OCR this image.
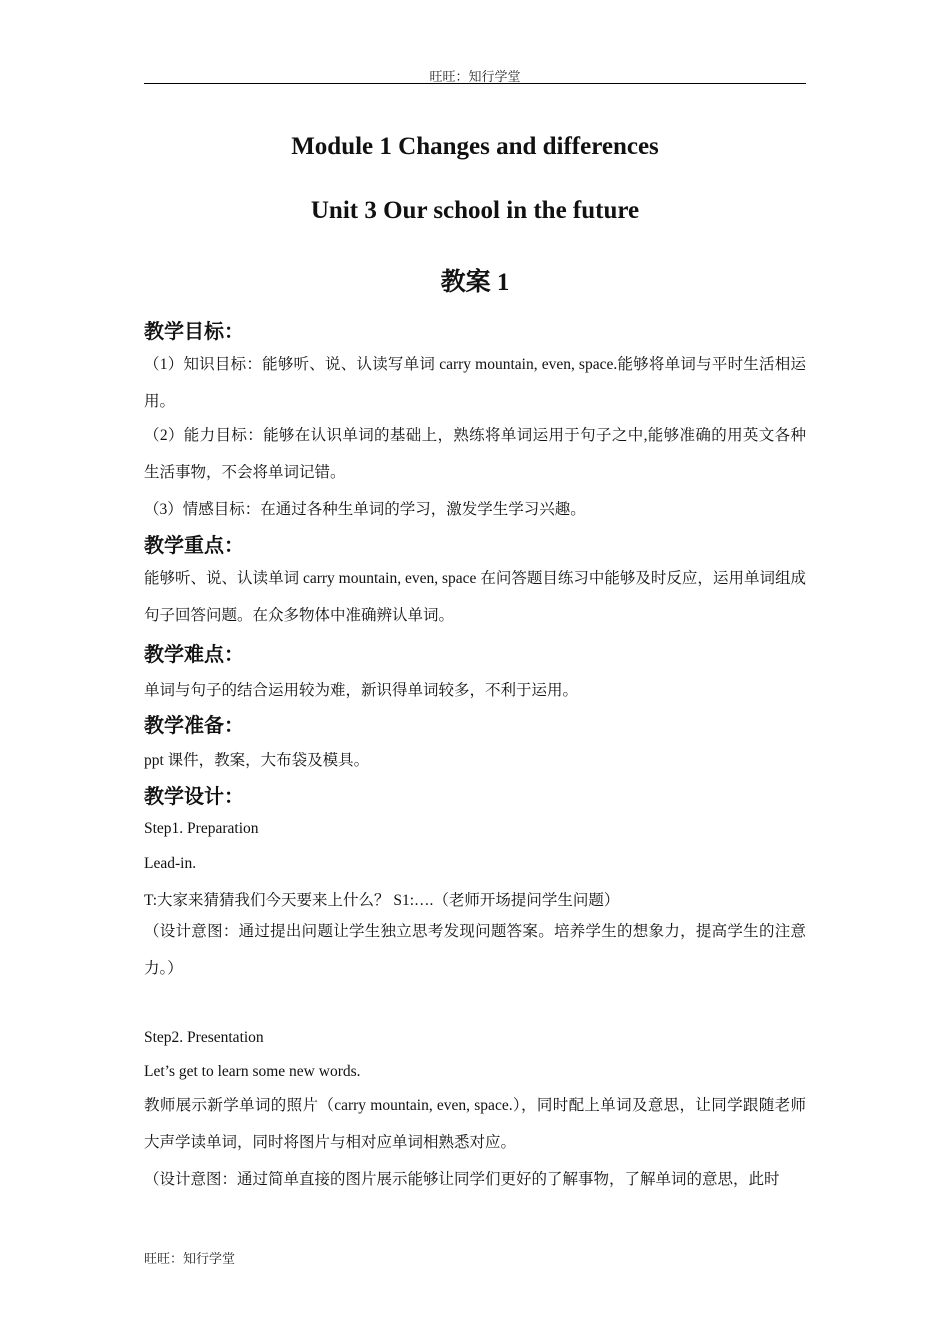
旺旺：知行学堂
Module 1 Changes and differences
Unit 3 Our school in the future
教案 1
教学目标：
（1）知识目标：能够听、说、认读写单词 carry mountain, even, space.能够将单词与平时生活相运用。
（2）能力目标：能够在认识单词的基础上，熟练将单词运用于句子之中,能够准确的用英文各种生活事物，不会将单词记错。
（3）情感目标：在通过各种生单词的学习，激发学生学习兴趣。
教学重点：
能够听、说、认读单词 carry mountain, even, space 在问答题目练习中能够及时反应，运用单词组成句子回答问题。在众多物体中准确辨认单词。
教学难点：
单词与句子的结合运用较为难，新识得单词较多，不利于运用。
教学准备：
ppt 课件，教案，大布袋及模具。
教学设计：
Step1. Preparation
Lead-in.
T:大家来猜猜我们今天要来上什么？ S1:….（老师开场提问学生问题）
（设计意图：通过提出问题让学生独立思考发现问题答案。培养学生的想象力，提高学生的注意力。）
Step2. Presentation
Let’s get to learn some new words.
教师展示新学单词的照片（carry mountain, even, space.），同时配上单词及意思，让同学跟随老师大声学读单词，同时将图片与相对应单词相熟悉对应。
（设计意图：通过简单直接的图片展示能够让同学们更好的了解事物，了解单词的意思，此时
旺旺：知行学堂
